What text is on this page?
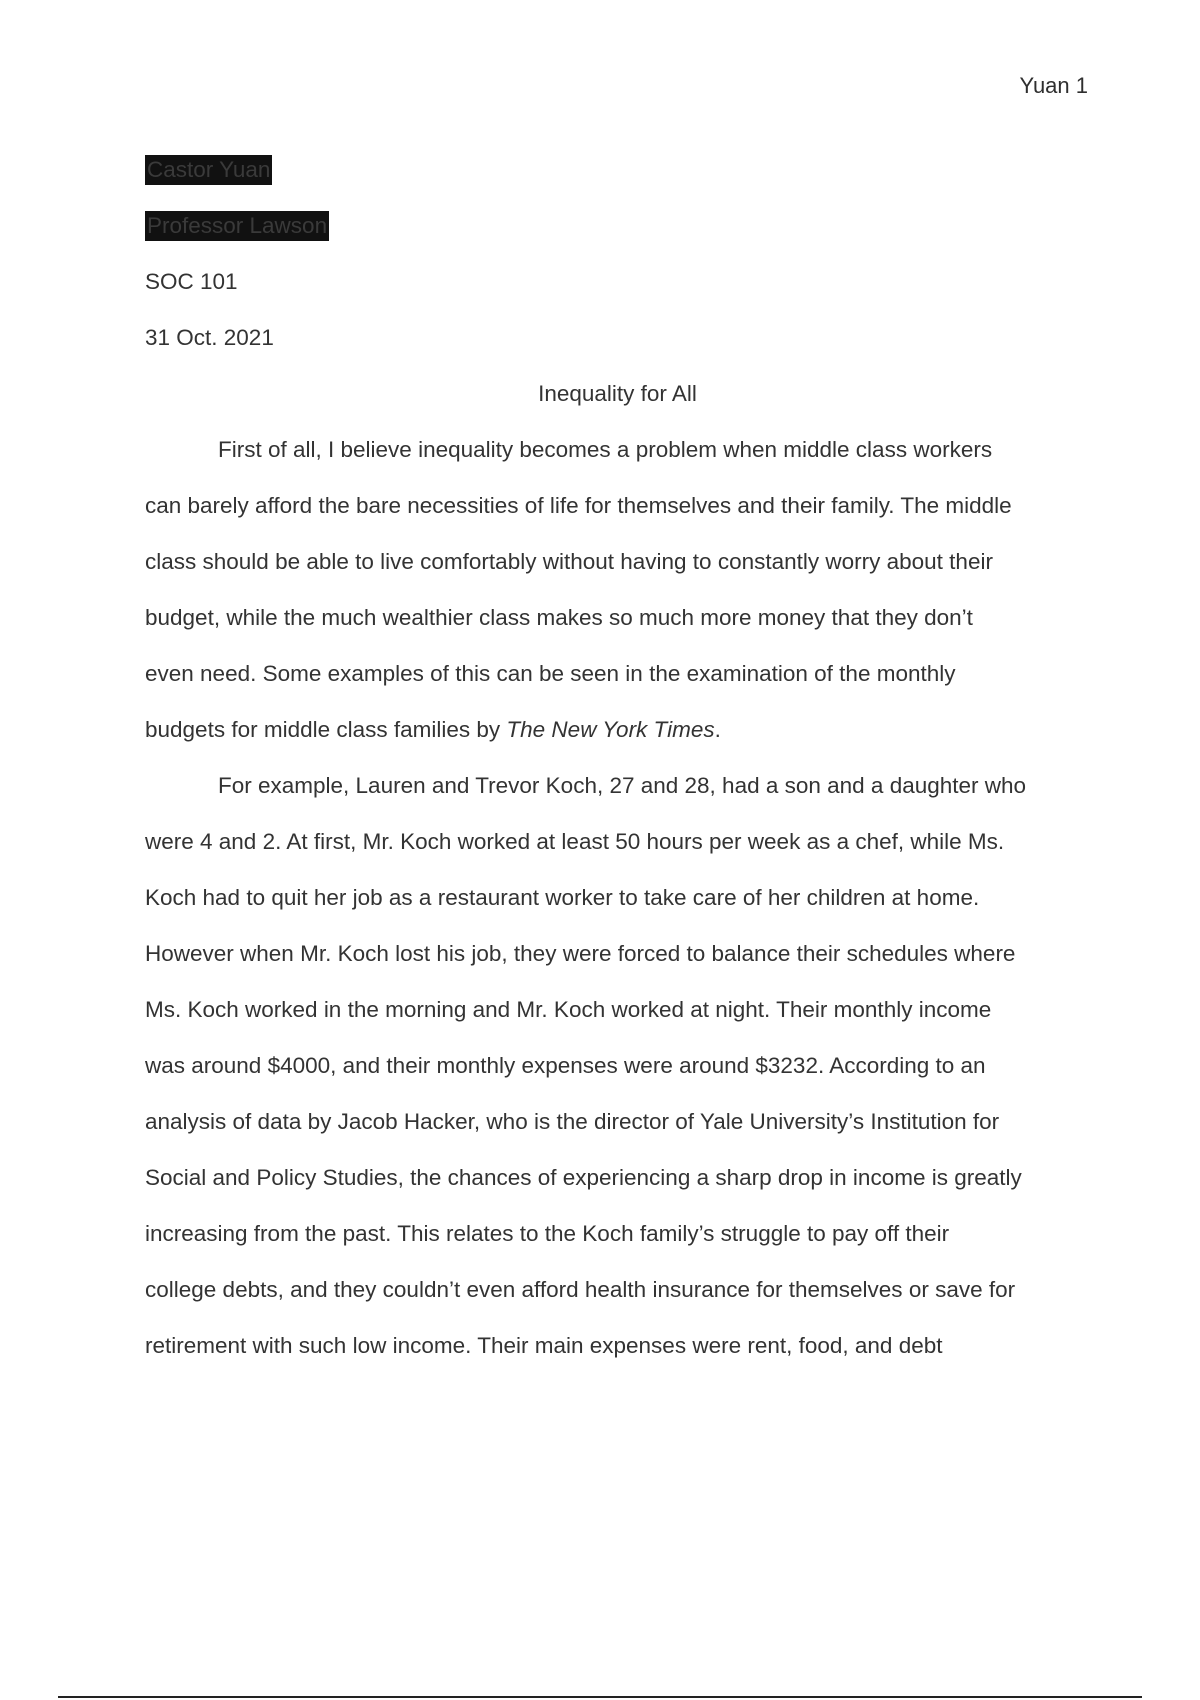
Yuan 1

Castor Yuan

Professor Lawson

SOC 101

31 Oct. 2021

Inequality for All

First of all, I believe inequality becomes a problem when middle class workers
can barely afford the bare necessities of life for themselves and their family. The middle
class should be able to live comfortably without having to constantly worry about their
budget, while the much wealthier class makes so much more money that they don’t
even need. Some examples of this can be seen in the examination of the monthly
budgets for middle class families by The New York Times.

For example, Lauren and Trevor Koch, 27 and 28, had a son and a daughter who
were 4 and 2. At first, Mr. Koch worked at least 50 hours per week as a chef, while Ms.
Koch had to quit her job as a restaurant worker to take care of her children at home.
However when Mr. Koch lost his job, they were forced to balance their schedules where
Ms. Koch worked in the morning and Mr. Koch worked at night. Their monthly income
was around $4000, and their monthly expenses were around $3232. According to an
analysis of data by Jacob Hacker, who is the director of Yale University’s Institution for
Social and Policy Studies, the chances of experiencing a sharp drop in income is greatly
increasing from the past. This relates to the Koch family’s struggle to pay off their
college debts, and they couldn’t even afford health insurance for themselves or save for
retirement with such low income. Their main expenses were rent, food, and debt
